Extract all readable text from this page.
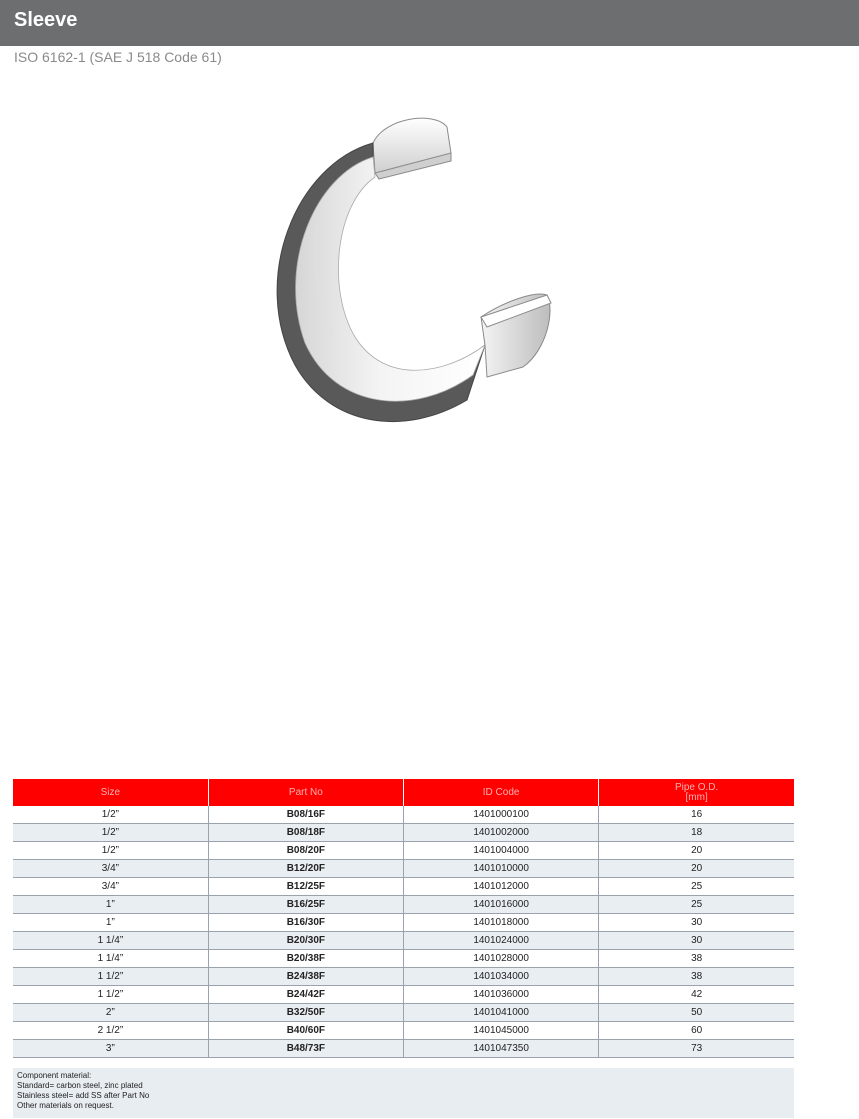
Sleeve
ISO 6162-1 (SAE J 518 Code 61)
Size	Part No	ID Code	Pipe O.D.
[mm]
1/2”	B08/16F	1401000100	16
1/2”	B08/18F	1401002000	18
1/2”	B08/20F	1401004000	20
3/4”	B12/20F	1401010000	20
3/4”	B12/25F	1401012000	25
1”	B16/25F	1401016000	25
1”	B16/30F	1401018000	30
1 1/4”	B20/30F	1401024000	30
1 1/4”	B20/38F	1401028000	38
1 1/2”	B24/38F	1401034000	38
1 1/2”	B24/42F	1401036000	42
2”	B32/50F	1401041000	50
2 1/2”	B40/60F	1401045000	60
3”	B48/73F	1401047350	73
Component material:
Standard= carbon steel, zinc plated
Stainless steel= add SS after Part No
Other materials on request.
